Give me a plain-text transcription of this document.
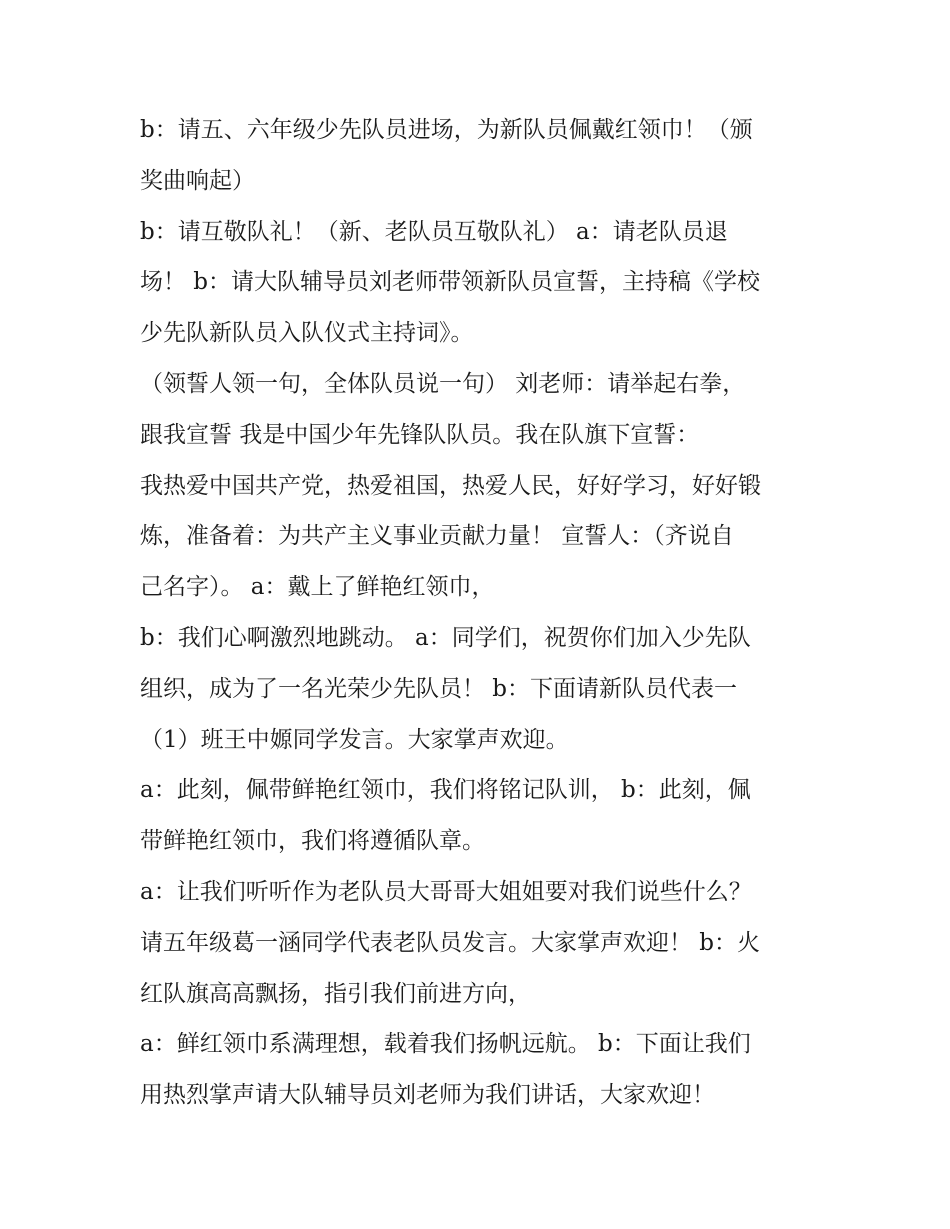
b：请五、六年级少先队员进场，为新队员佩戴红领巾！（颁
奖曲响起）
b：请互敬队礼！（新、老队员互敬队礼） a：请老队员退
场！ b：请大队辅导员刘老师带领新队员宣誓，主持稿《学校
少先队新队员入队仪式主持词》。
（领誓人领一句，全体队员说一句） 刘老师：请举起右拳，
跟我宣誓 我是中国少年先锋队队员。我在队旗下宣誓：
我热爱中国共产党，热爱祖国，热爱人民，好好学习，好好锻
炼，准备着：为共产主义事业贡献力量！ 宣誓人：（齐说自
己名字）。 a：戴上了鲜艳红领巾，
b：我们心啊激烈地跳动。 a：同学们，祝贺你们加入少先队
组织，成为了一名光荣少先队员！ b：下面请新队员代表一
（1）班王中嫄同学发言。大家掌声欢迎。
a：此刻，佩带鲜艳红领巾，我们将铭记队训， b：此刻，佩
带鲜艳红领巾，我们将遵循队章。
a：让我们听听作为老队员大哥哥大姐姐要对我们说些什么？
请五年级葛一涵同学代表老队员发言。大家掌声欢迎！ b：火
红队旗高高飘扬，指引我们前进方向，
a：鲜红领巾系满理想，载着我们扬帆远航。 b：下面让我们
用热烈掌声请大队辅导员刘老师为我们讲话，大家欢迎！
